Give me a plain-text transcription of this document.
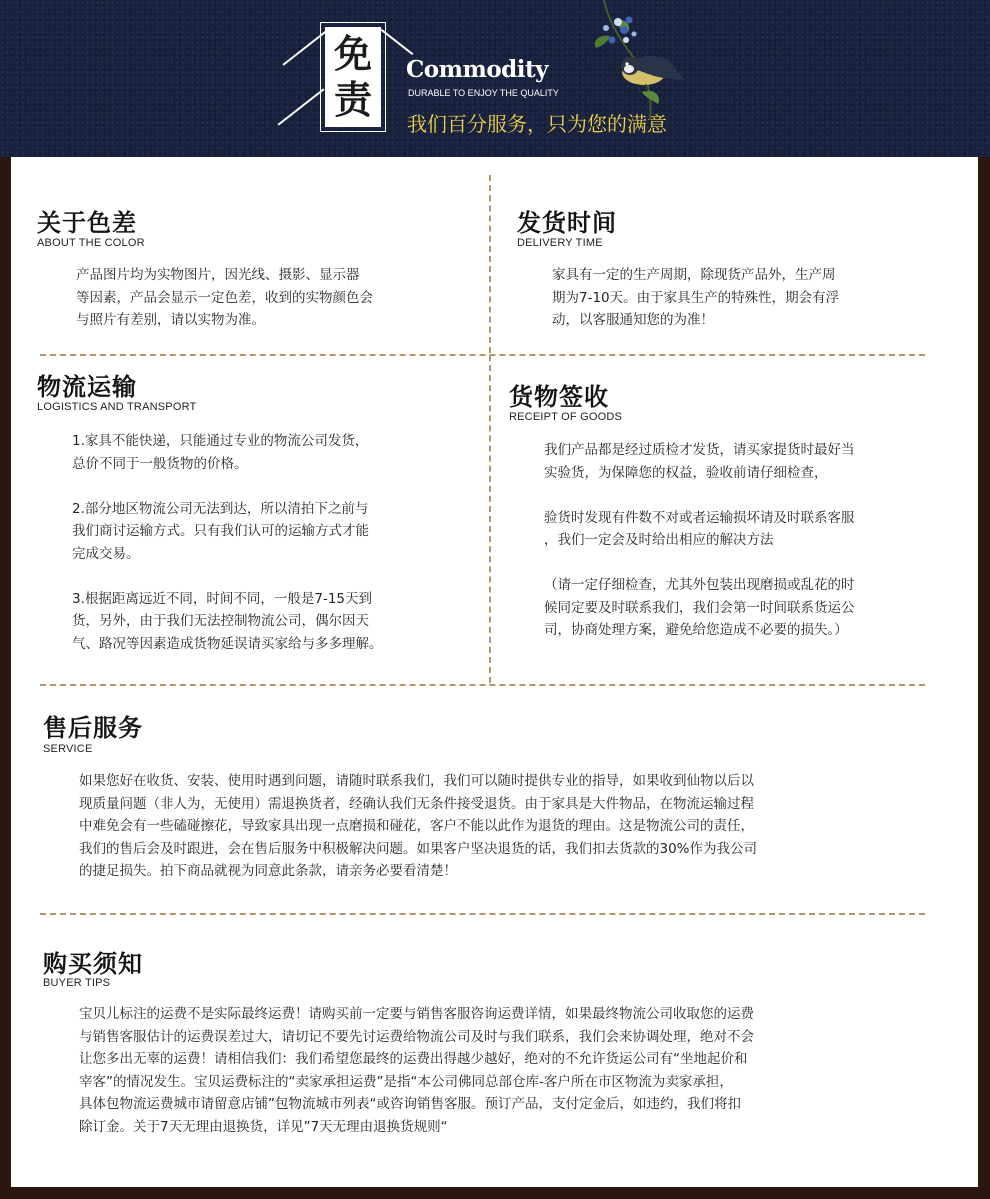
免
责
Commodity
DURABLE TO ENJOY THE QUALITY
我们百分服务，只为您的满意
关于色差
ABOUT THE COLOR

产品图片均为实物图片，因光线、摄影、显示器

等因素，产品会显示一定色差，收到的实物颜色会

与照片有差别，请以实物为准。

发货时间
DELIVERY TIME

家具有一定的生产周期，除现货产品外，生产周

期为7-10天。由于家具生产的特殊性，期会有浮

动，以客服通知您的为准！

物流运输
LOGISTICS AND TRANSPORT

1.家具不能快递，只能通过专业的物流公司发货，

总价不同于一般货物的价格。

2.部分地区物流公司无法到达，所以清拍下之前与

我们商讨运输方式。只有我们认可的运输方式才能

完成交易。

3.根据距离远近不同，时间不同，一般是7-15天到

货，另外，由于我们无法控制物流公司，偶尔因天

气、路况等因素造成货物延误请买家给与多多理解。

货物签收
RECEIPT OF GOODS

我们产品都是经过质检才发货，请买家提货时最好当

实验货，为保障您的权益，验收前请仔细检查，

验货时发现有件数不对或者运输损坏请及时联系客服

，我们一定会及时给出相应的解决方法

（请一定仔细检查，尤其外包装出现磨损或乱花的时

候同定要及时联系我们，我们会第一时间联系货运公

司，协商处理方案，避免给您造成不必要的损失。）

售后服务
SERVICE

如果您好在收货、安装、使用时遇到问题，请随时联系我们，我们可以随时提供专业的指导，如果收到仙物以后以

现质量问题（非人为，无使用）需退换货者，经确认我们无条件接受退货。由于家具是大件物品，在物流运输过程

中难免会有一些磕碰擦花，导致家具出现一点磨损和碰花，客户不能以此作为退货的理由。这是物流公司的责任，

我们的售后会及时跟进，会在售后服务中积极解决问题。如果客户坚决退货的话，我们扣去货款的30%作为我公司

的捷足损失。拍下商品就视为同意此条款，请亲务必要看清楚！

购买须知
BUYER TIPS

宝贝儿标注的运费不是实际最终运费！请购买前一定要与销售客服咨询运费详情，如果最终物流公司收取您的运费

与销售客服估计的运费误差过大，请切记不要先讨运费给物流公司及时与我们联系，我们会来协调处理，绝对不会

让您多出无辜的运费！请相信我们：我们希望您最终的运费出得越少越好，绝对的不允许货运公司有“坐地起价和

宰客”的情况发生。宝贝运费标注的“卖家承担运费”是指“本公司佛同总部仓库-客户所在市区物流为卖家承担，

具体包物流运费城市请留意店铺”包物流城市列表“或咨询销售客服。预订产品，支付定金后，如违约，我们将扣

除订金。关于7天无理由退换货，详见”7天无理由退换货规则“
